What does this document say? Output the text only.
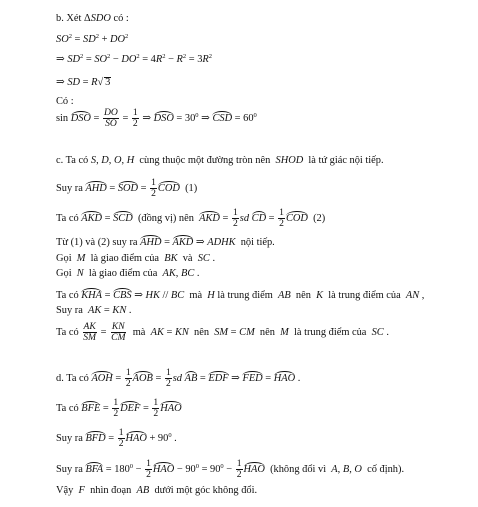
b. Xét ΔSDO có :
$SO^2 = SD^2 + DO^2$
⇒ $SD^2 = SO^2 - DO^2 = 4R^2 - R^2 = 3R^2$
⇒ SD = R√ 3
Có :
sin DSO = $\frac{DO}{SO} = \frac{1}{2}$ ⇒ DSO = $30^0$ ⇒ CSD = $60^0$
c. Ta có S, D, O, H  cùng thuộc một đường tròn nên  SHOD  là tứ giác nội tiếp.
Suy ra AHD = SOD = $\frac{1}{2}$ COD  (1)
Ta có AKD = SCD  (đồng vị) nên  AKD = $\frac{1}{2}$ sd CD = $\frac{1}{2}$ COD  (2)
Từ (1) và (2) suy ra AHD = AKD ⇒ ADHK  nội tiếp.
Gọi  M  là giao điểm của  BK  và  SC .
Gọi  N  là giao điểm của  AK, BC .
Ta có KHA = CBS ⇒ HK // BC  mà  H là trung điểm  AB  nên  K  là trung điểm của  AN ,
Suy ra  AK = KN .
Ta có $\frac{AK}{SM} = \frac{KN}{CM}$ mà  AK = KN  nên  SM = CM  nên  M  là trung điểm của  SC .
d. Ta có AOH = $\frac{1}{2}$ AOB = $\frac{1}{2}$ sd AB = EDF ⇒ FED = HAO .
Ta có BFE = $\frac{1}{2}$ DEF = $\frac{1}{2}$ HAO
Suy ra BFD = $\frac{1}{2}$ HAO + $90^0$ .
Suy ra BFA = $180^0 - \frac{1}{2}$ HAO − $90^0 = 90^0 - \frac{1}{2}$ HAO  (không đổi vì  A, B, O  cố định).
Vậy  F  nhìn đoạn  AB  dưới một góc không đổi.
